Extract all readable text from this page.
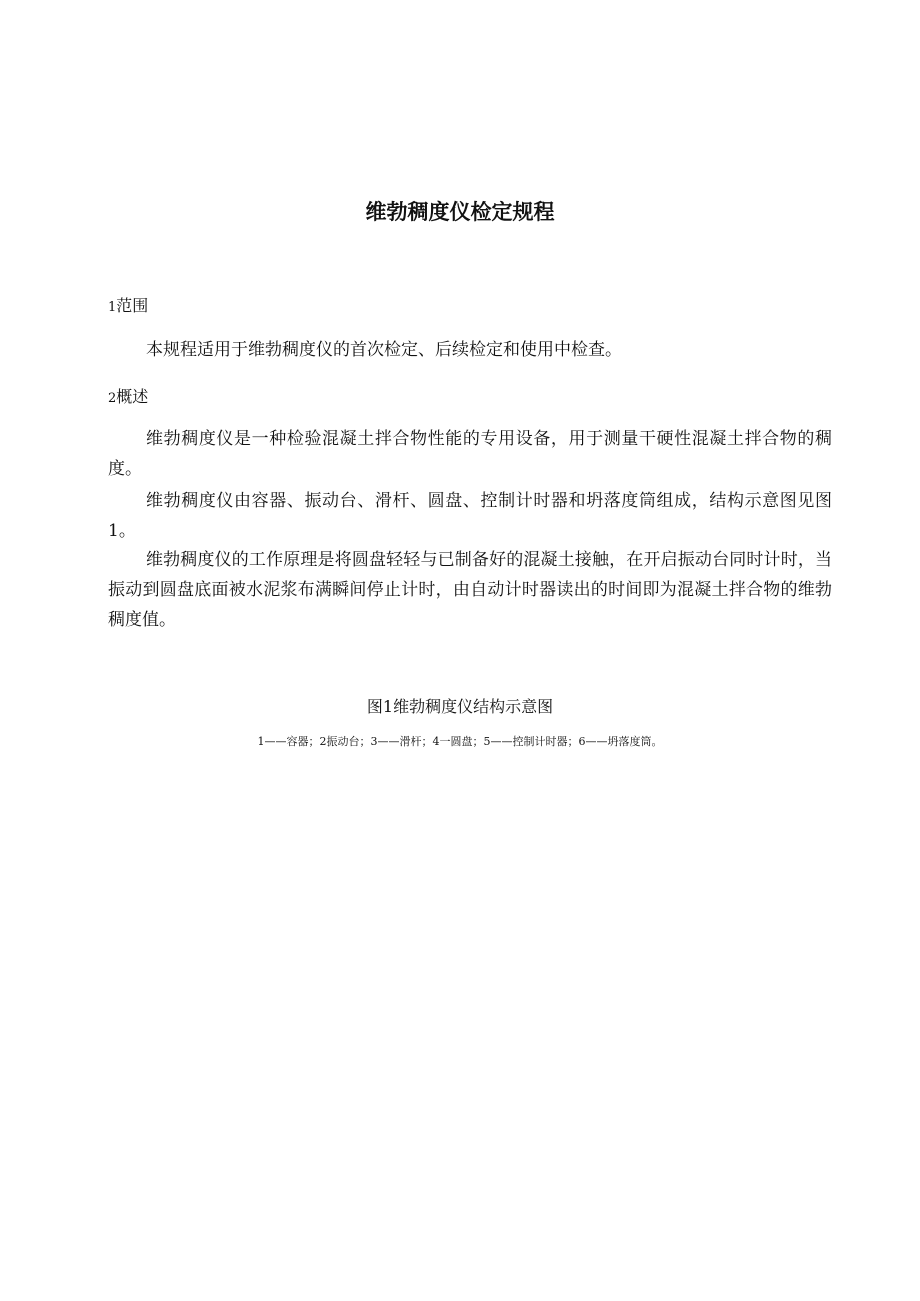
维勃稠度仪检定规程
1范围
本规程适用于维勃稠度仪的首次检定、后续检定和使用中检查。
2概述
维勃稠度仪是一种检验混凝土拌合物性能的专用设备，用于测量干硬性混凝土拌合物的稠度。
维勃稠度仪由容器、振动台、滑杆、圆盘、控制计时器和坍落度筒组成，结构示意图见图1。
维勃稠度仪的工作原理是将圆盘轻轻与已制备好的混凝土接触，在开启振动台同时计时，当振动到圆盘底面被水泥浆布满瞬间停止计时，由自动计时器读出的时间即为混凝土拌合物的维勃稠度值。
图1维勃稠度仪结构示意图
1——容器；2振动台；3——滑杆；4一圆盘；5——控制计时器；6——坍落度筒。
